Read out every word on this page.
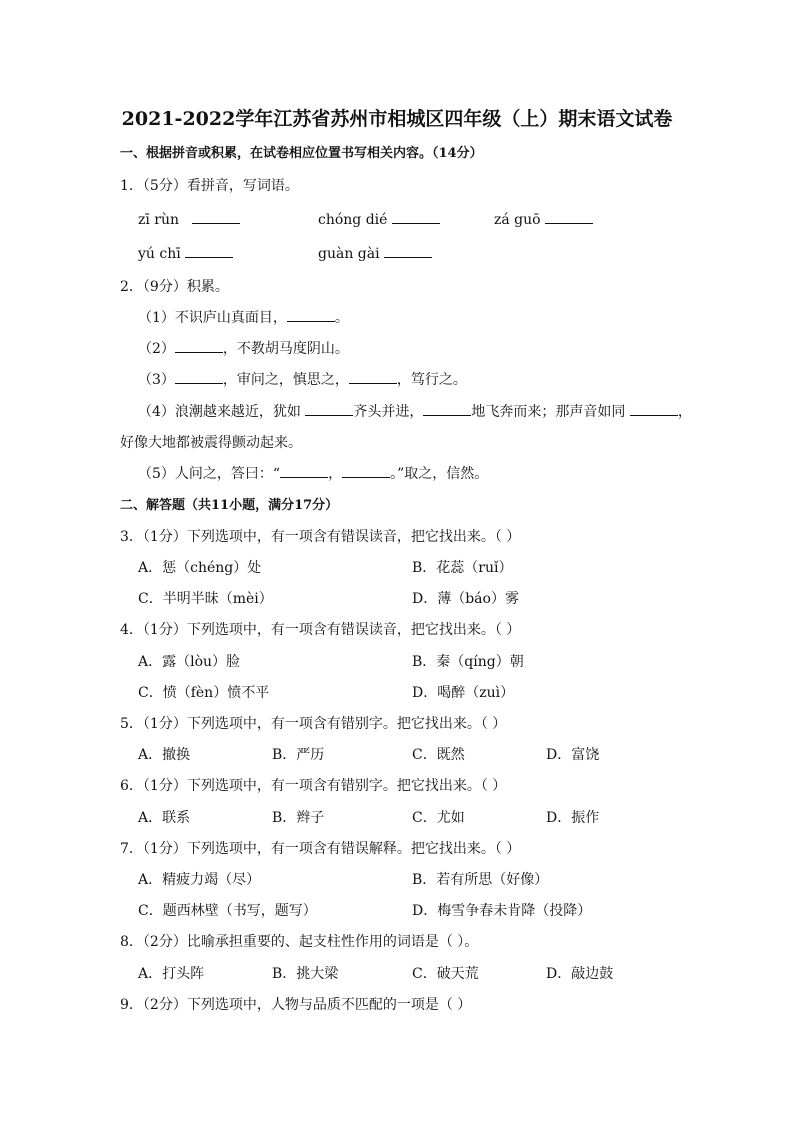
2021-2022学年江苏省苏州市相城区四年级（上）期末语文试卷
一、根据拼音或积累，在试卷相应位置书写相关内容。（14分）
1．（5分）看拼音，写词语。
zī rùn	chóng dié	zá guō
yú chī	guàn gài
2．（9分）积累。
（1）不识庐山真面目，	。
（2）	，不教胡马度阴山。
（3）	，审问之，慎思之，	，笃行之。
（4）浪潮越来越近，犹如	齐头并进，	地飞奔而来；那声音如同	，
好像大地都被震得颤动起来。
（5）人问之，答曰：“	，	。”取之，信然。
二、解答题（共11小题，满分17分）
3．（1分）下列选项中，有一项含有错误读音，把它找出来。（ ）
A．惩（chéng）处	B．花蕊（ruǐ）
C．半明半昧（mèi）	D．薄（báo）雾
4．（1分）下列选项中，有一项含有错误读音，把它找出来。（ ）
A．露（lòu）脸	B．秦（qíng）朝
C．愤（fèn）愤不平	D．喝醉（zuì）
5．（1分）下列选项中，有一项含有错别字。把它找出来。（ ）
A．撤换	B．严历	C．既然	D．富饶
6．（1分）下列选项中，有一项含有错别字。把它找出来。（ ）
A．联系	B．辫子	C．尤如	D．振作
7．（1分）下列选项中，有一项含有错误解释。把它找出来。（ ）
A．精疲力竭（尽）	B．若有所思（好像）
C．题西林壁（书写，题写）	D．梅雪争春未肯降（投降）
8．（2分）比喻承担重要的、起支柱性作用的词语是（ ）。
A．打头阵	B．挑大梁	C．破天荒	D．敲边鼓
9．（2分）下列选项中，人物与品质不匹配的一项是（ ）
